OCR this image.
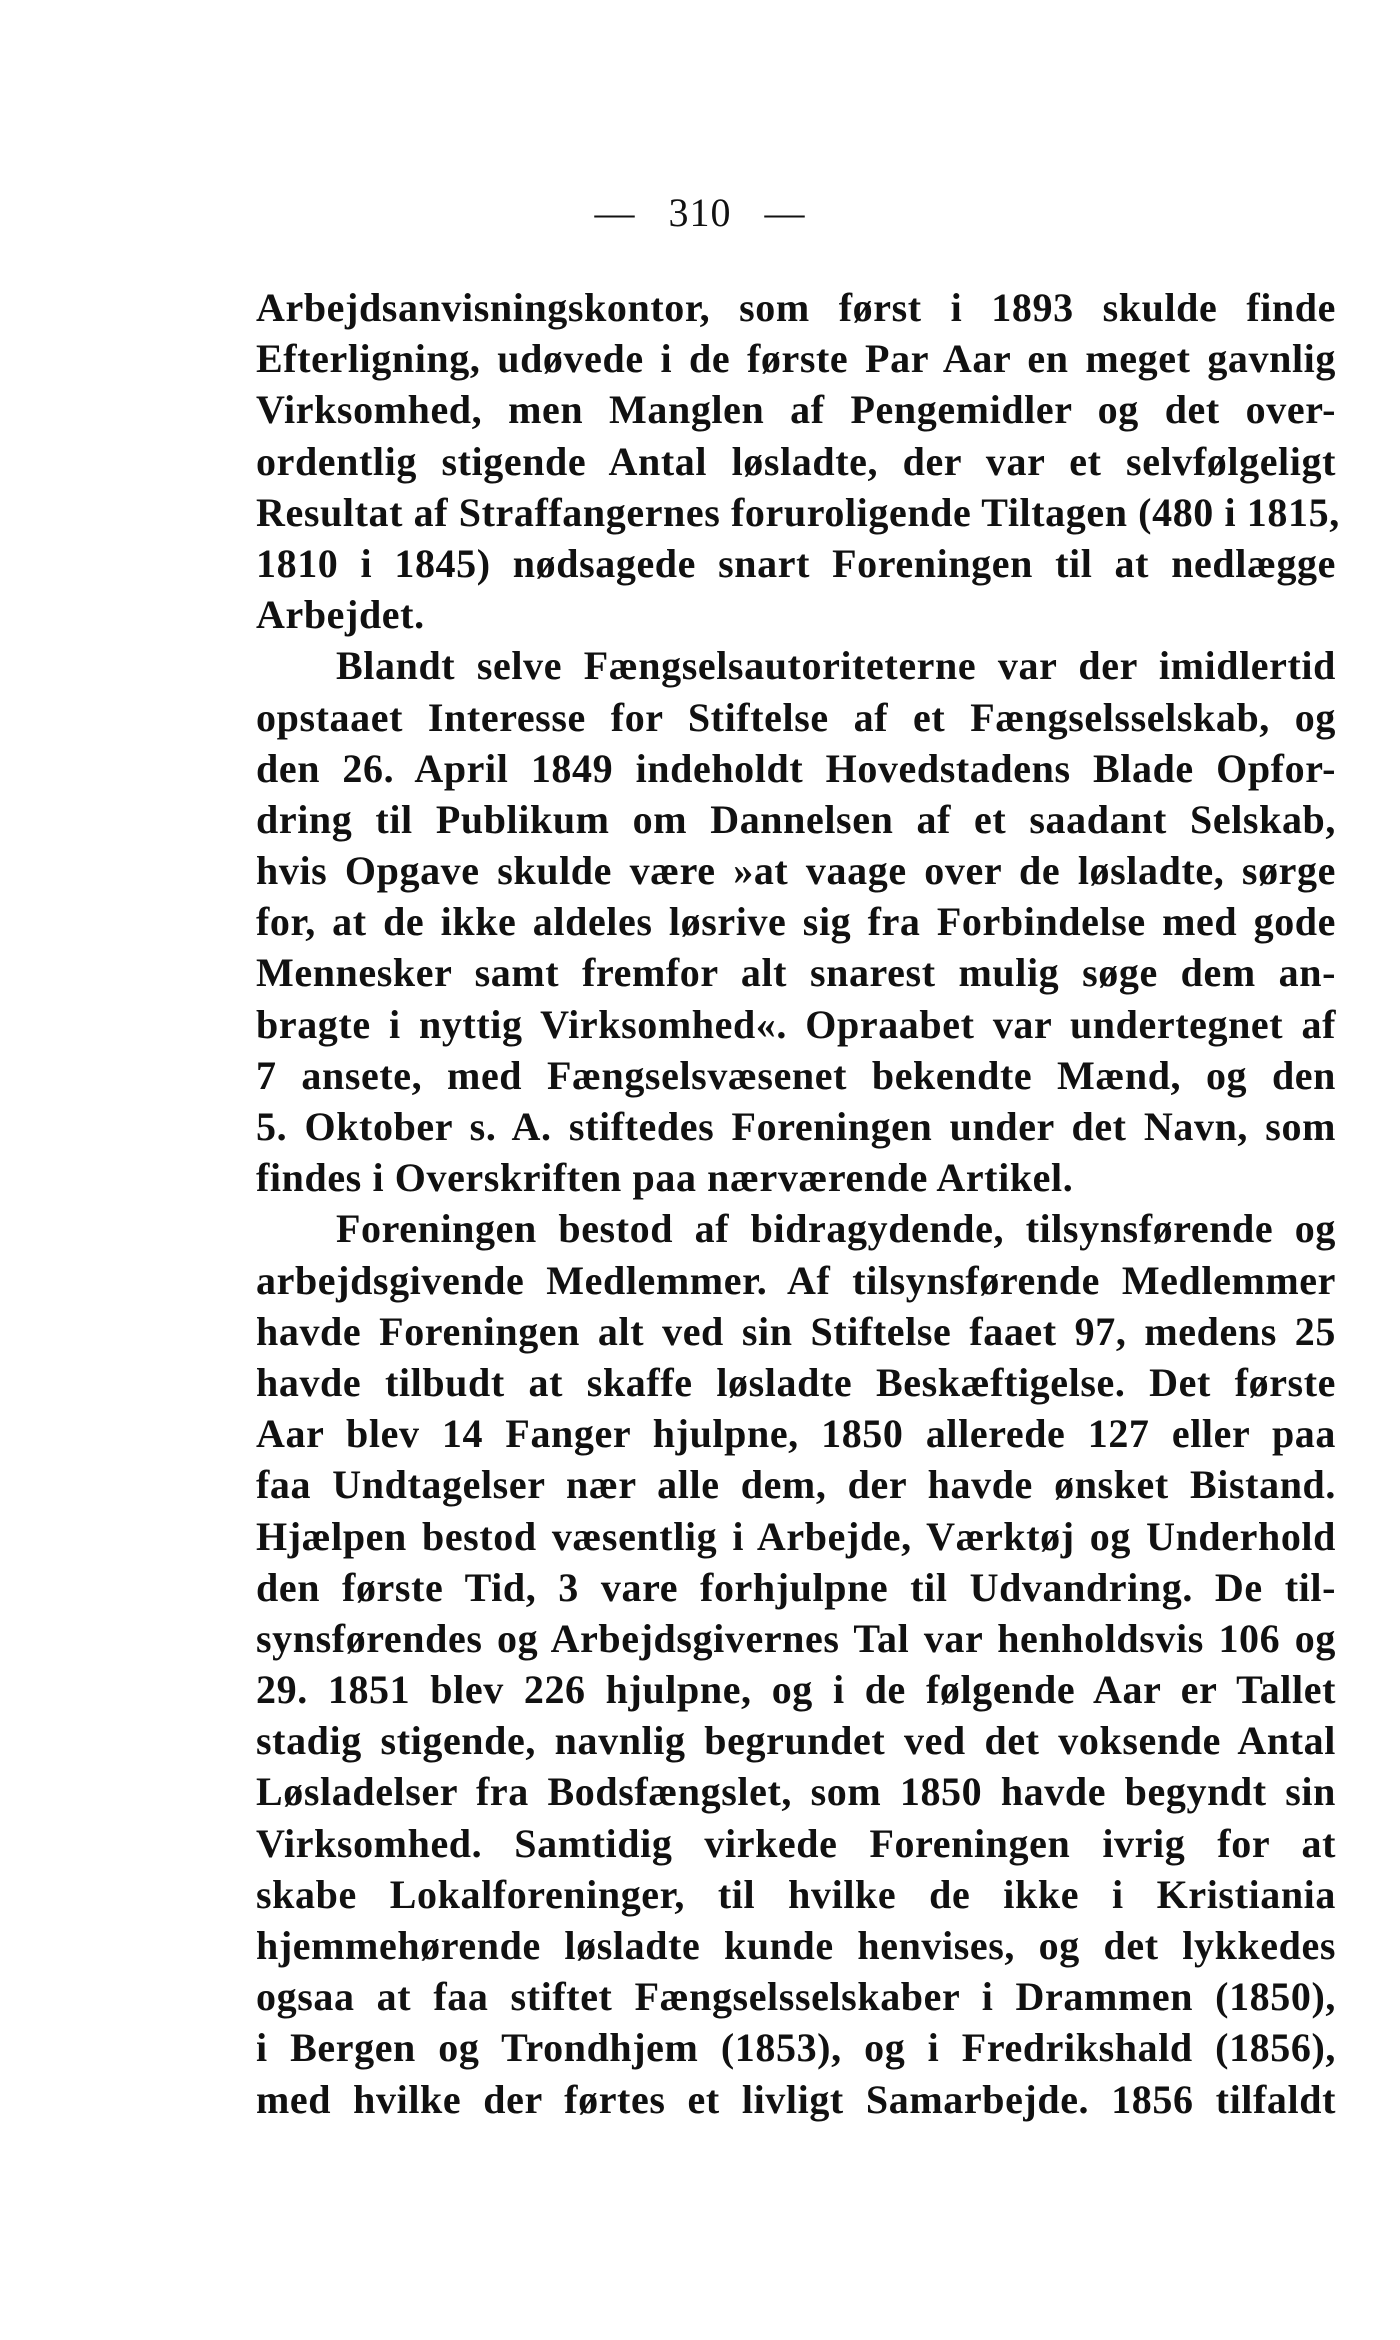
— 310 —
Arbejdsanvisningskontor, som først i 1893 skulde finde
Efterligning, udøvede i de første Par Aar en meget gavnlig
Virksomhed, men Manglen af Pengemidler og det over-
ordentlig stigende Antal løsladte, der var et selvfølgeligt
Resultat af Straffangernes foruroligende Tiltagen (480 i 1815,
1810 i 1845) nødsagede snart Foreningen til at nedlægge
Arbejdet.
Blandt selve Fængselsautoriteterne var der imidlertid
opstaaet Interesse for Stiftelse af et Fængselsselskab, og
den 26. April 1849 indeholdt Hovedstadens Blade Opfor-
dring til Publikum om Dannelsen af et saadant Selskab,
hvis Opgave skulde være »at vaage over de løsladte, sørge
for, at de ikke aldeles løsrive sig fra Forbindelse med gode
Mennesker samt fremfor alt snarest mulig søge dem an-
bragte i nyttig Virksomhed«. Opraabet var undertegnet af
7 ansete, med Fængselsvæsenet bekendte Mænd, og den
5. Oktober s. A. stiftedes Foreningen under det Navn, som
findes i Overskriften paa nærværende Artikel.
Foreningen bestod af bidragydende, tilsynsførende og
arbejdsgivende Medlemmer. Af tilsynsførende Medlemmer
havde Foreningen alt ved sin Stiftelse faaet 97, medens 25
havde tilbudt at skaffe løsladte Beskæftigelse. Det første
Aar blev 14 Fanger hjulpne, 1850 allerede 127 eller paa
faa Undtagelser nær alle dem, der havde ønsket Bistand.
Hjælpen bestod væsentlig i Arbejde, Værktøj og Underhold
den første Tid, 3 vare forhjulpne til Udvandring. De til-
synsførendes og Arbejdsgivernes Tal var henholdsvis 106 og
29. 1851 blev 226 hjulpne, og i de følgende Aar er Tallet
stadig stigende, navnlig begrundet ved det voksende Antal
Løsladelser fra Bodsfængslet, som 1850 havde begyndt sin
Virksomhed. Samtidig virkede Foreningen ivrig for at
skabe Lokalforeninger, til hvilke de ikke i Kristiania
hjemmehørende løsladte kunde henvises, og det lykkedes
ogsaa at faa stiftet Fængselsselskaber i Drammen (1850),
i Bergen og Trondhjem (1853), og i Fredrikshald (1856),
med hvilke der førtes et livligt Samarbejde. 1856 tilfaldt
